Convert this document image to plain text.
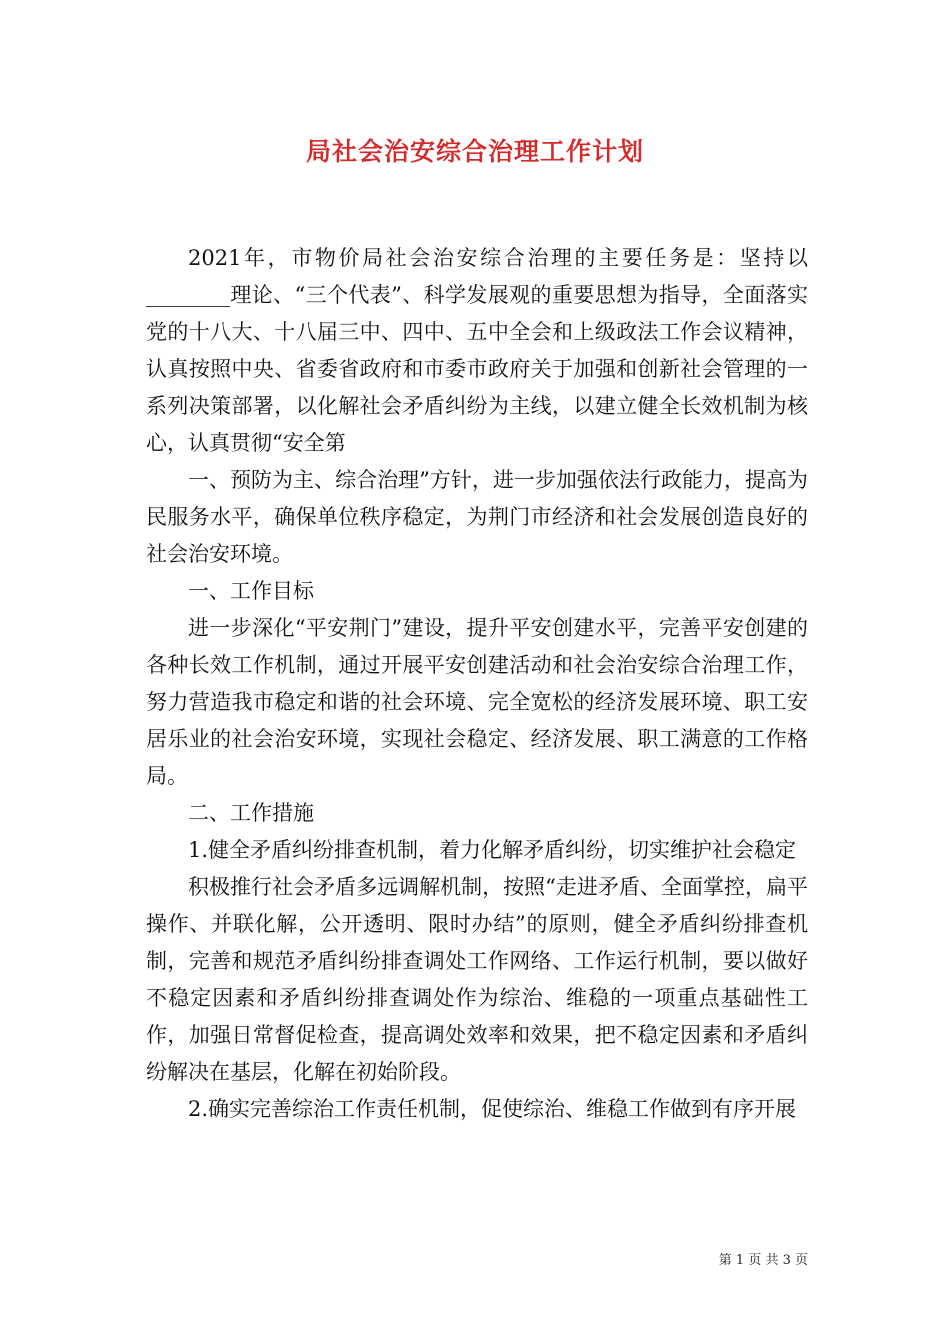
局社会治安综合治理工作计划

2021年，市物价局社会治安综合治理的主要任务是：坚持以________理论、“三个代表”、科学发展观的重要思想为指导，全面落实党的十八大、十八届三中、四中、五中全会和上级政法工作会议精神，认真按照中央、省委省政府和市委市政府关于加强和创新社会管理的一系列决策部署，以化解社会矛盾纠纷为主线，以建立健全长效机制为核心，认真贯彻“安全第

一、预防为主、综合治理”方针，进一步加强依法行政能力，提高为民服务水平，确保单位秩序稳定，为荆门市经济和社会发展创造良好的社会治安环境。

一、工作目标

进一步深化“平安荆门”建设，提升平安创建水平，完善平安创建的各种长效工作机制，通过开展平安创建活动和社会治安综合治理工作，努力营造我市稳定和谐的社会环境、完全宽松的经济发展环境、职工安居乐业的社会治安环境，实现社会稳定、经济发展、职工满意的工作格局。

二、工作措施

1.健全矛盾纠纷排查机制，着力化解矛盾纠纷，切实维护社会稳定

积极推行社会矛盾多远调解机制，按照“走进矛盾、全面掌控，扁平操作、并联化解，公开透明、限时办结”的原则，健全矛盾纠纷排查机制，完善和规范矛盾纠纷排查调处工作网络、工作运行机制，要以做好不稳定因素和矛盾纠纷排查调处作为综治、维稳的一项重点基础性工作，加强日常督促检查，提高调处效率和效果，把不稳定因素和矛盾纠纷解决在基层，化解在初始阶段。

2.确实完善综治工作责任机制，促使综治、维稳工作做到有序开展

第 1 页 共 3 页
